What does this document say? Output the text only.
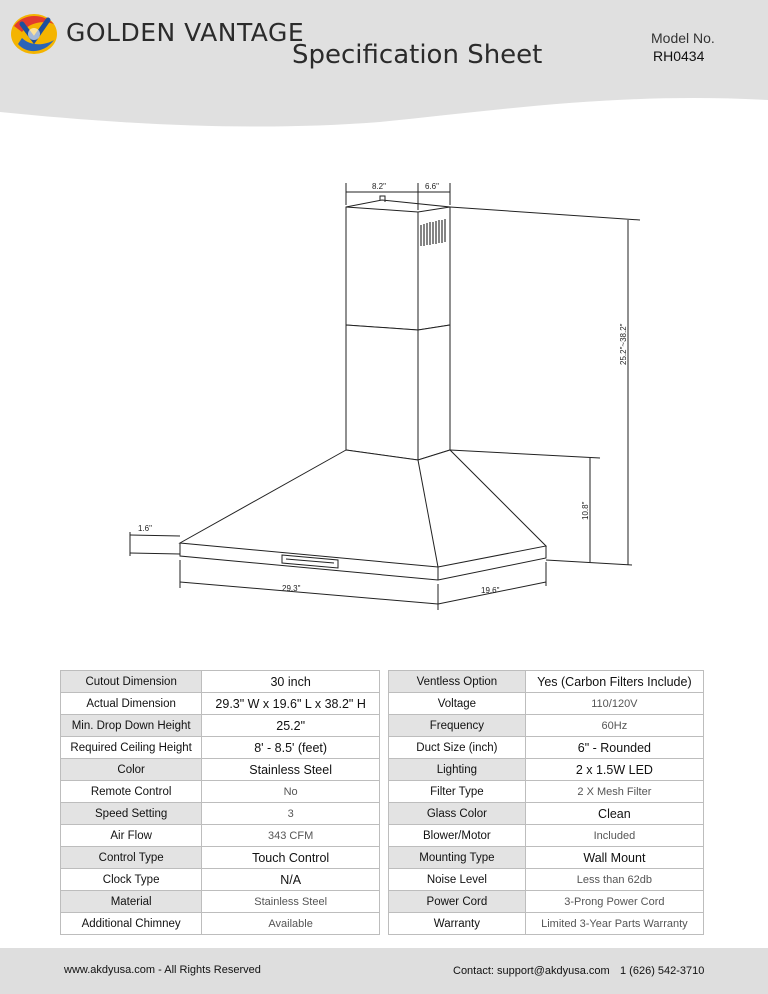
GOLDEN VANTAGE
Specification Sheet
Model No.
RH0434
8.2"	6.6"
25.2"~38.2"
10.8"
1.6"
29.3"	19.6"
Cutout Dimension	30 inch
Actual Dimension	29.3" W x 19.6" L x 38.2" H
Min. Drop Down Height	25.2"
Required Ceiling Height	8' - 8.5' (feet)
Color	Stainless Steel
Remote Control	No
Speed Setting	3
Air Flow	343 CFM
Control Type	Touch Control
Clock Type	N/A
Material	Stainless Steel
Additional Chimney	Available
Ventless Option	Yes (Carbon Filters Include)
Voltage	110/120V
Frequency	60Hz
Duct Size (inch)	6" - Rounded
Lighting	2 x 1.5W LED
Filter Type	2 X Mesh Filter
Glass Color	Clean
Blower/Motor	Included
Mounting Type	Wall Mount
Noise Level	Less than 62db
Power Cord	3-Prong Power Cord
Warranty	Limited 3-Year Parts Warranty
www.akdyusa.com - All Rights Reserved	Contact: support@akdyusa.com 1 (626) 542-3710
